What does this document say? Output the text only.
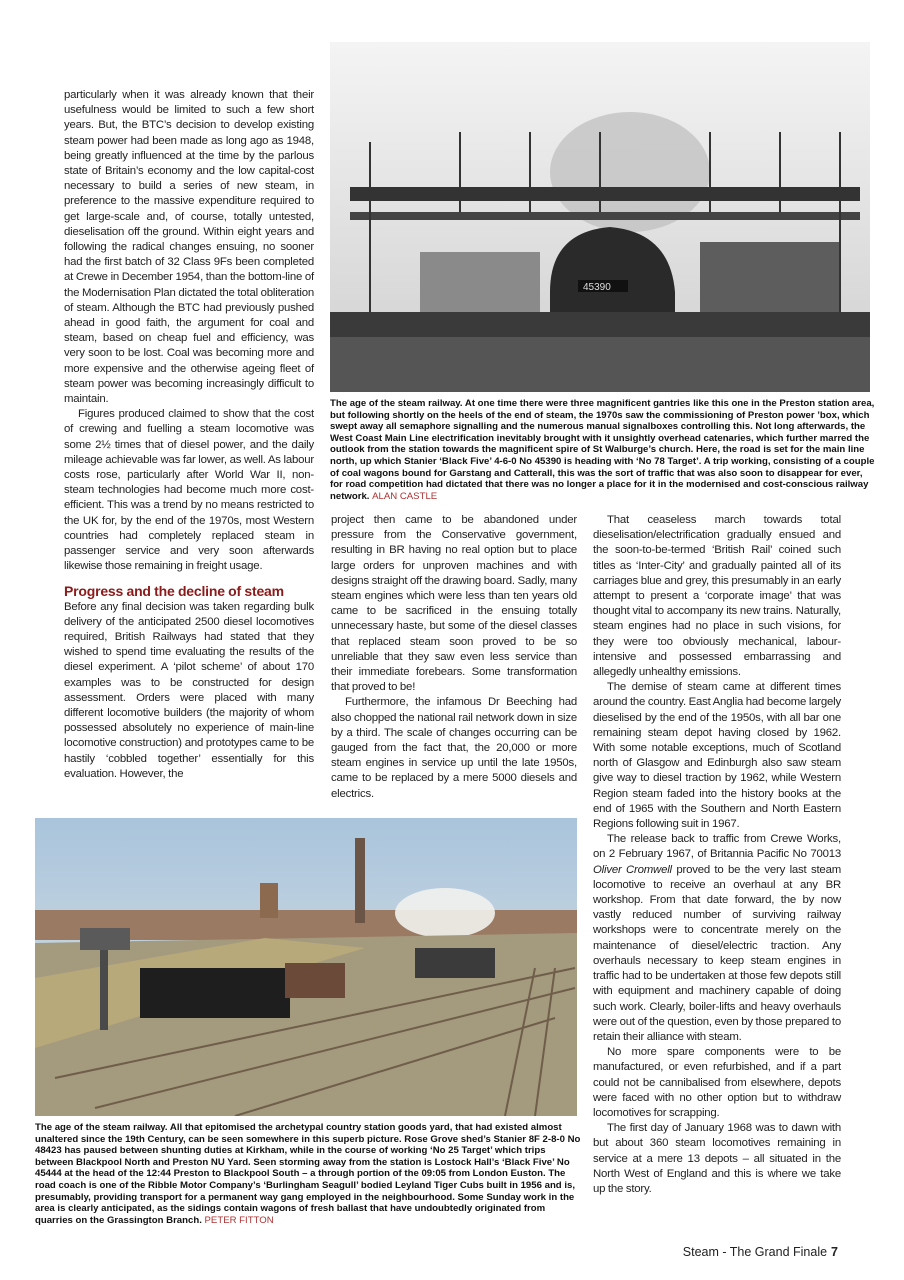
particularly when it was already known that their usefulness would be limited to such a few short years. But, the BTC’s decision to develop existing steam power had been made as long ago as 1948, being greatly influenced at the time by the parlous state of Britain’s economy and the low capital-cost necessary to build a series of new steam, in preference to the massive expenditure required to get large-scale and, of course, totally untested, dieselisation off the ground. Within eight years and following the radical changes ensuing, no sooner had the first batch of 32 Class 9Fs been completed at Crewe in December 1954, than the bottom-line of the Modernisation Plan dictated the total obliteration of steam. Although the BTC had previously pushed ahead in good faith, the argument for coal and steam, based on cheap fuel and efficiency, was very soon to be lost. Coal was becoming more and more expensive and the otherwise ageing fleet of steam power was becoming increasingly difficult to maintain.

Figures produced claimed to show that the cost of crewing and fuelling a steam locomotive was some 2½ times that of diesel power, and the daily mileage achievable was far lower, as well. As labour costs rose, particularly after World War II, non-steam technologies had become much more cost-efficient. This was a trend by no means restricted to the UK for, by the end of the 1970s, most Western countries had completely replaced steam in passenger service and very soon afterwards likewise those remaining in freight usage.

Progress and the decline of steam

Before any final decision was taken regarding bulk delivery of the anticipated 2500 diesel locomotives required, British Railways had stated that they wished to spend time evaluating the results of the diesel experiment. A ‘pilot scheme’ of about 170 examples was to be constructed for design assessment. Orders were placed with many different locomotive builders (the majority of whom possessed absolutely no experience of main-line locomotive construction) and prototypes came to be hastily ‘cobbled together’ essentially for this evaluation. However, the

45390
The age of the steam railway. At one time there were three magnificent gantries like this one in the Preston station area, but following shortly on the heels of the end of steam, the 1970s saw the commissioning of Preston power ’box, which swept away all semaphore signalling and the numerous manual signalboxes controlling this. Not long afterwards, the West Coast Main Line electrification inevitably brought with it unsightly overhead catenaries, which further marred the outlook from the station towards the magnificent spire of St Walburge’s church. Here, the road is set for the main line north, up which Stanier ‘Black Five’ 4-6-0 No 45390 is heading with ‘No 78 Target’. A trip working, consisting of a couple of coal wagons bound for Garstang and Catterall, this was the sort of traffic that was also soon to disappear for ever, for road competition had dictated that there was no longer a place for it in the modernised and cost-conscious railway network. ALAN CASTLE

project then came to be abandoned under pressure from the Conservative government, resulting in BR having no real option but to place large orders for unproven machines and with designs straight off the drawing board. Sadly, many steam engines which were less than ten years old came to be sacrificed in the ensuing totally unnecessary haste, but some of the diesel classes that replaced steam soon proved to be so unreliable that they saw even less service than their immediate forebears. Some transformation that proved to be!

Furthermore, the infamous Dr Beeching had also chopped the national rail network down in size by a third. The scale of changes occurring can be gauged from the fact that, the 20,000 or more steam engines in service up until the late 1950s, came to be replaced by a mere 5000 diesels and electrics.

That ceaseless march towards total dieselisation/electrification gradually ensued and the soon-to-be-termed ‘British Rail’ coined such titles as ‘Inter-City’ and gradually painted all of its carriages blue and grey, this presumably in an early attempt to present a ‘corporate image’ that was thought vital to accompany its new trains. Naturally, steam engines had no place in such visions, for they were too obviously mechanical, labour-intensive and possessed embarrassing and allegedly unhealthy emissions.

The demise of steam came at different times around the country. East Anglia had become largely dieselised by the end of the 1950s, with all bar one remaining steam depot having closed by 1962. With some notable exceptions, much of Scotland north of Glasgow and Edinburgh also saw steam give way to diesel traction by 1962, while Western Region steam faded into the history books at the end of 1965 with the Southern and North Eastern Regions following suit in 1967.

The release back to traffic from Crewe Works, on 2 February 1967, of Britannia Pacific No 70013 Oliver Cromwell proved to be the very last steam locomotive to receive an overhaul at any BR workshop. From that date forward, the by now vastly reduced number of surviving railway workshops were to concentrate merely on the maintenance of diesel/electric traction. Any overhauls necessary to keep steam engines in traffic had to be undertaken at those few depots still with equipment and machinery capable of doing such work. Clearly, boiler-lifts and heavy overhauls were out of the question, even by those prepared to retain their alliance with steam.

No more spare components were to be manufactured, or even refurbished, and if a part could not be cannibalised from elsewhere, depots were faced with no other option but to withdraw locomotives for scrapping.

The first day of January 1968 was to dawn with but about 360 steam locomotives remaining in service at a mere 13 depots – all situated in the North West of England and this is where we take up the story.

The age of the steam railway. All that epitomised the archetypal country station goods yard, that had existed almost unaltered since the 19th Century, can be seen somewhere in this superb picture. Rose Grove shed’s Stanier 8F 2-8-0 No 48423 has paused between shunting duties at Kirkham, while in the course of working ‘No 25 Target’ which trips between Blackpool North and Preston NU Yard. Seen storming away from the station is Lostock Hall’s ‘Black Five’ No 45444 at the head of the 12:44 Preston to Blackpool South – a through portion of the 09:05 from London Euston. The road coach is one of the Ribble Motor Company’s ‘Burlingham Seagull’ bodied Leyland Tiger Cubs built in 1956 and is, presumably, providing transport for a permanent way gang employed in the neighbourhood. Some Sunday work in the area is clearly anticipated, as the sidings contain wagons of fresh ballast that have undoubtedly originated from quarries on the Grassington Branch. PETER FITTON
Steam - The Grand Finale 7
